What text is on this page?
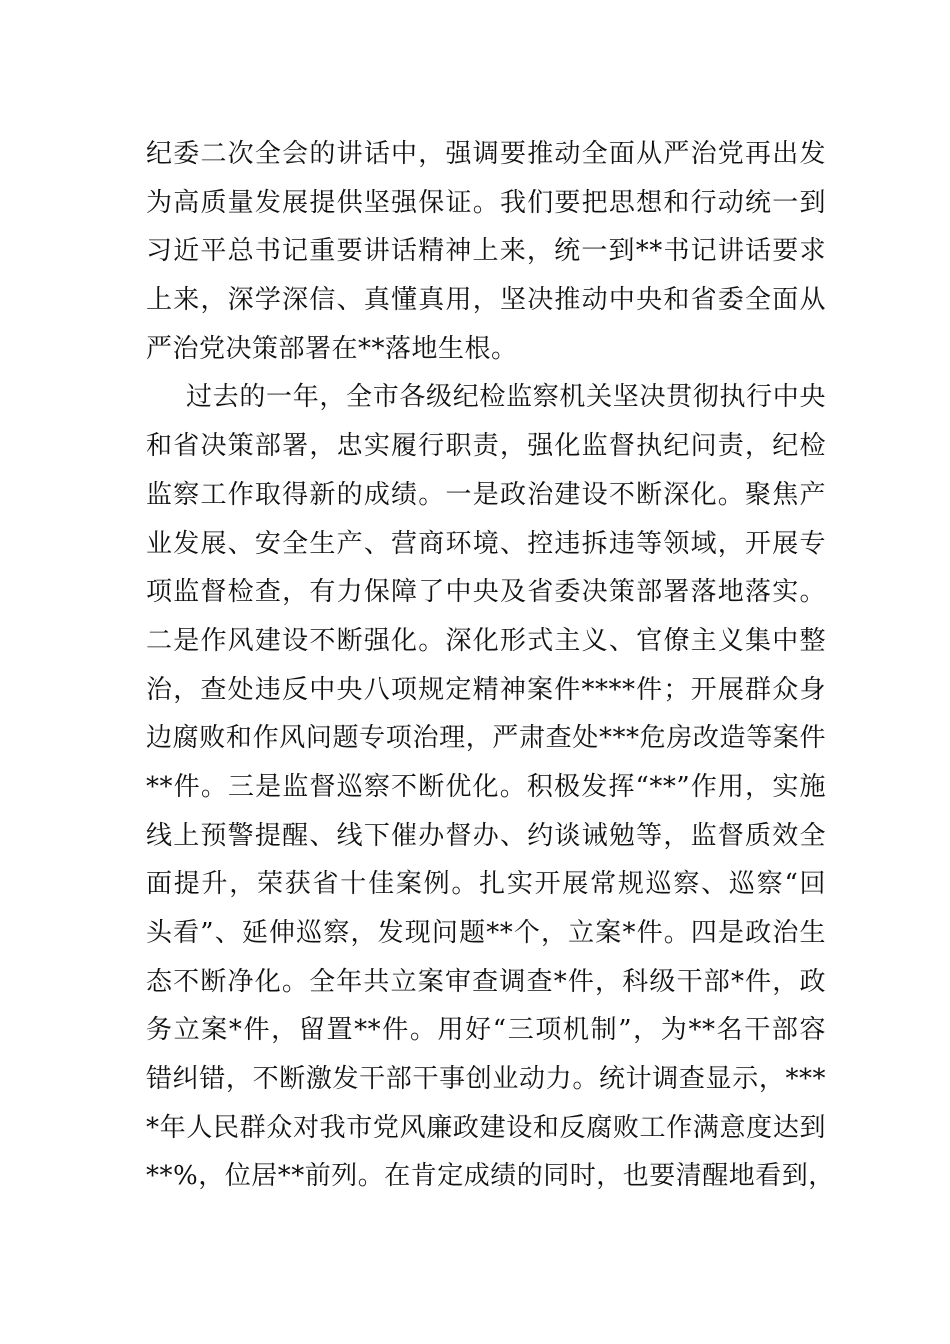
纪委二次全会的讲话中，强调要推动全面从严治党再出发
为高质量发展提供坚强保证。我们要把思想和行动统一到
习近平总书记重要讲话精神上来，统一到**书记讲话要求
上来，深学深信、真懂真用，坚决推动中央和省委全面从
严治党决策部署在**落地生根。
过去的一年，全市各级纪检监察机关坚决贯彻执行中央
和省决策部署，忠实履行职责，强化监督执纪问责，纪检
监察工作取得新的成绩。一是政治建设不断深化。聚焦产
业发展、安全生产、营商环境、控违拆违等领域，开展专
项监督检查，有力保障了中央及省委决策部署落地落实。
二是作风建设不断强化。深化形式主义、官僚主义集中整
治，查处违反中央八项规定精神案件****件；开展群众身
边腐败和作风问题专项治理，严肃查处***危房改造等案件
**件。三是监督巡察不断优化。积极发挥“**”作用，实施
线上预警提醒、线下催办督办、约谈诫勉等，监督质效全
面提升，荣获省十佳案例。扎实开展常规巡察、巡察“回
头看”、延伸巡察，发现问题**个，立案*件。四是政治生
态不断净化。全年共立案审查调查*件，科级干部*件，政
务立案*件，留置**件。用好“三项机制”，为**名干部容
错纠错，不断激发干部干事创业动力。统计调查显示，***
*年人民群众对我市党风廉政建设和反腐败工作满意度达到
**%，位居**前列。在肯定成绩的同时，也要清醒地看到，
